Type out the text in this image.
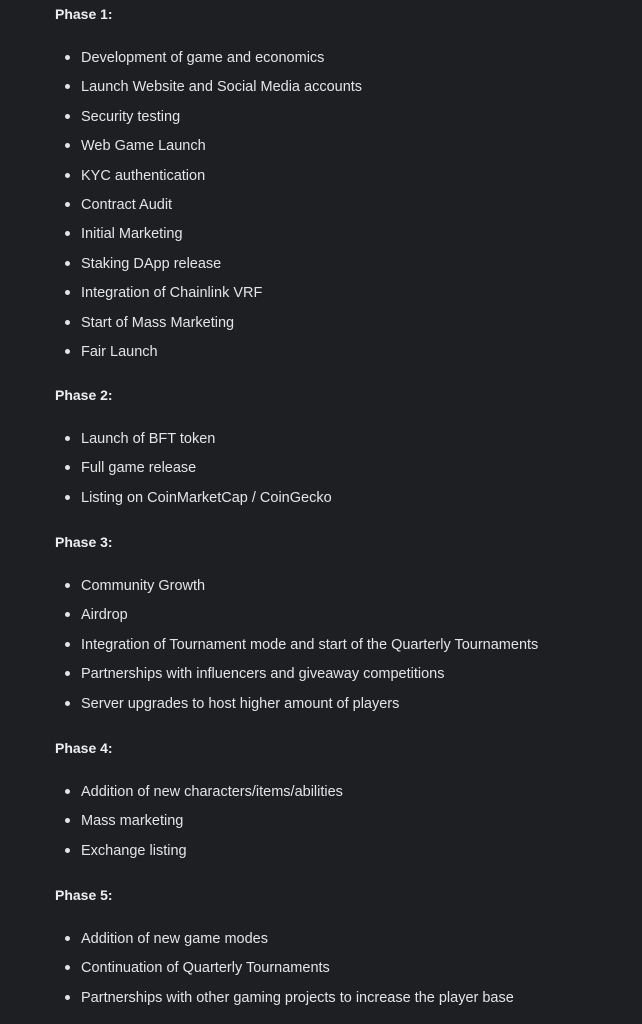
Phase 1:
Development of game and economics
Launch Website and Social Media accounts
Security testing
Web Game Launch
KYC authentication
Contract Audit
Initial Marketing
Staking DApp release
Integration of Chainlink VRF
Start of Mass Marketing
Fair Launch
Phase 2:
Launch of BFT token
Full game release
Listing on CoinMarketCap / CoinGecko
Phase 3:
Community Growth
Airdrop
Integration of Tournament mode and start of the Quarterly Tournaments
Partnerships with influencers and giveaway competitions
Server upgrades to host higher amount of players
Phase 4:
Addition of new characters/items/abilities
Mass marketing
Exchange listing
Phase 5:
Addition of new game modes
Continuation of Quarterly Tournaments
Partnerships with other gaming projects to increase the player base
